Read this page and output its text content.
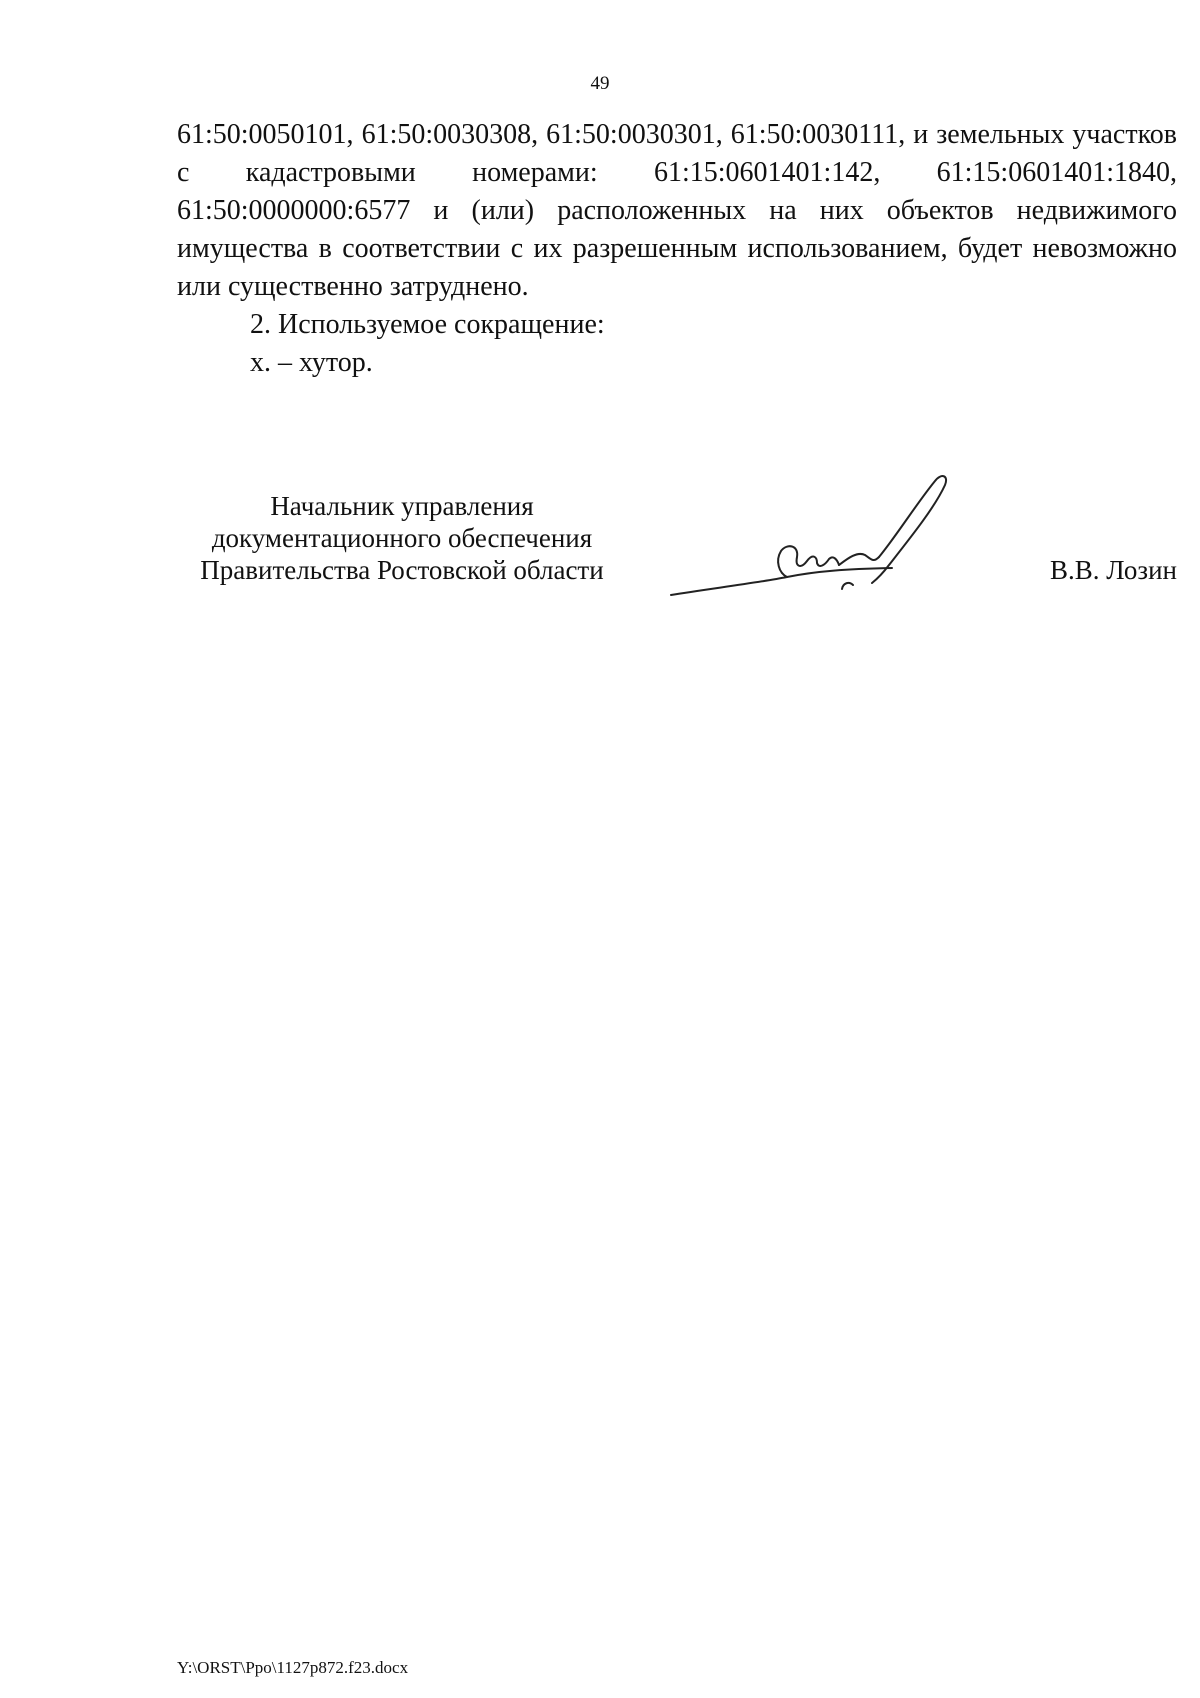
49

61:50:0050101, 61:50:0030308, 61:50:0030301, 61:50:0030111, и земельных участков с кадастровыми номерами: 61:15:0601401:142, 61:15:0601401:1840, 61:50:0000000:6577 и (или) расположенных на них объектов недвижимого имущества в соответствии с их разрешенным использованием, будет невозможно или существенно затруднено.

2. Используемое сокращение:

х. – хутор.

Начальник управления
документационного обеспечения
Правительства Ростовской области	В.В. Лозин
Y:\ORST\Ppo\1127p872.f23.docx
